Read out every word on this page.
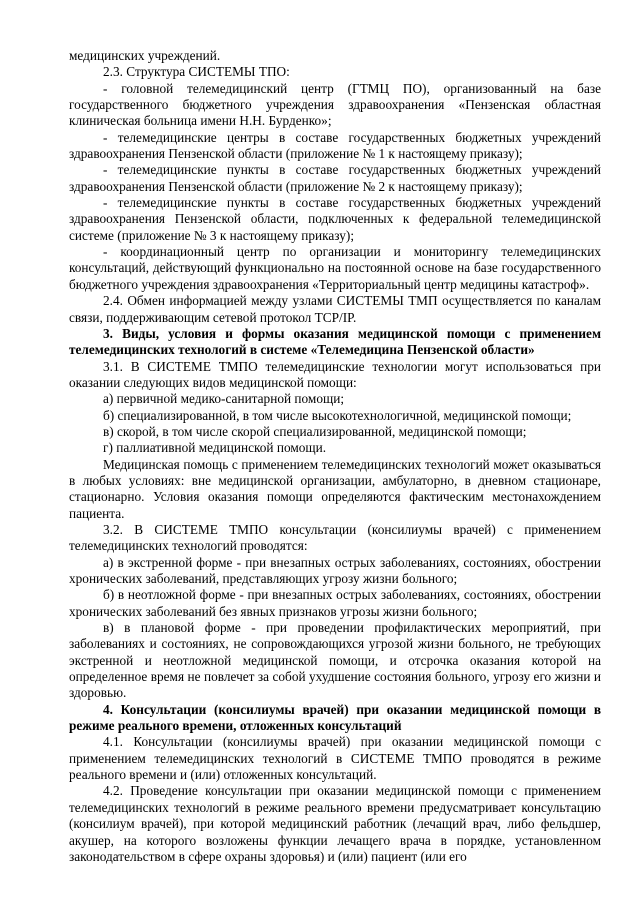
медицинских учреждений.

2.3. Структура СИСТЕМЫ ТПО:

- головной телемедицинский центр (ГТМЦ ПО), организованный на базе государственного бюджетного учреждения здравоохранения «Пензенская областная клиническая больница имени Н.Н. Бурденко»;

- телемедицинские центры в составе государственных бюджетных учреждений здравоохранения Пензенской области (приложение № 1 к настоящему приказу);

- телемедицинские пункты в составе государственных бюджетных учреждений здравоохранения Пензенской области (приложение № 2 к настоящему приказу);

- телемедицинские пункты в составе государственных бюджетных учреждений здравоохранения Пензенской области, подключенных к федеральной телемедицинской системе (приложение № 3 к настоящему приказу);

- координационный центр по организации и мониторингу телемедицинских консультаций, действующий функционально на постоянной основе на базе государственного бюджетного учреждения здравоохранения «Территориальный центр медицины катастроф».

2.4. Обмен информацией между узлами СИСТЕМЫ ТМП осуществляется по каналам связи, поддерживающим сетевой протокол TCP/IP.

3. Виды, условия и формы оказания медицинской помощи с применением телемедицинских технологий в системе «Телемедицина Пензенской области»

3.1. В СИСТЕМЕ ТМПО телемедицинские технологии могут использоваться при оказании следующих видов медицинской помощи:

а) первичной медико-санитарной помощи;

б) специализированной, в том числе высокотехнологичной, медицинской помощи;

в) скорой, в том числе скорой специализированной, медицинской помощи;

г) паллиативной медицинской помощи.

Медицинская помощь с применением телемедицинских технологий может оказываться в любых условиях: вне медицинской организации, амбулаторно, в дневном стационаре, стационарно. Условия оказания помощи определяются фактическим местонахождением пациента.

3.2. В СИСТЕМЕ ТМПО консультации (консилиумы врачей) с применением телемедицинских технологий проводятся:

а) в экстренной форме - при внезапных острых заболеваниях, состояниях, обострении хронических заболеваний, представляющих угрозу жизни больного;

б) в неотложной форме - при внезапных острых заболеваниях, состояниях, обострении хронических заболеваний без явных признаков угрозы жизни больного;

в) в плановой форме - при проведении профилактических мероприятий, при заболеваниях и состояниях, не сопровождающихся угрозой жизни больного, не требующих экстренной и неотложной медицинской помощи, и отсрочка оказания которой на определенное время не повлечет за собой ухудшение состояния больного, угрозу его жизни и здоровью.

4. Консультации (консилиумы врачей) при оказании медицинской помощи в режиме реального времени, отложенных консультаций

4.1. Консультации (консилиумы врачей) при оказании медицинской помощи с применением телемедицинских технологий в СИСТЕМЕ ТМПО проводятся в режиме реального времени и (или) отложенных консультаций.

4.2. Проведение консультации при оказании медицинской помощи с применением телемедицинских технологий в режиме реального времени предусматривает консультацию (консилиум врачей), при которой медицинский работник (лечащий врач, либо фельдшер, акушер, на которого возложены функции лечащего врача в порядке, установленном законодательством в сфере охраны здоровья) и (или) пациент (или его
